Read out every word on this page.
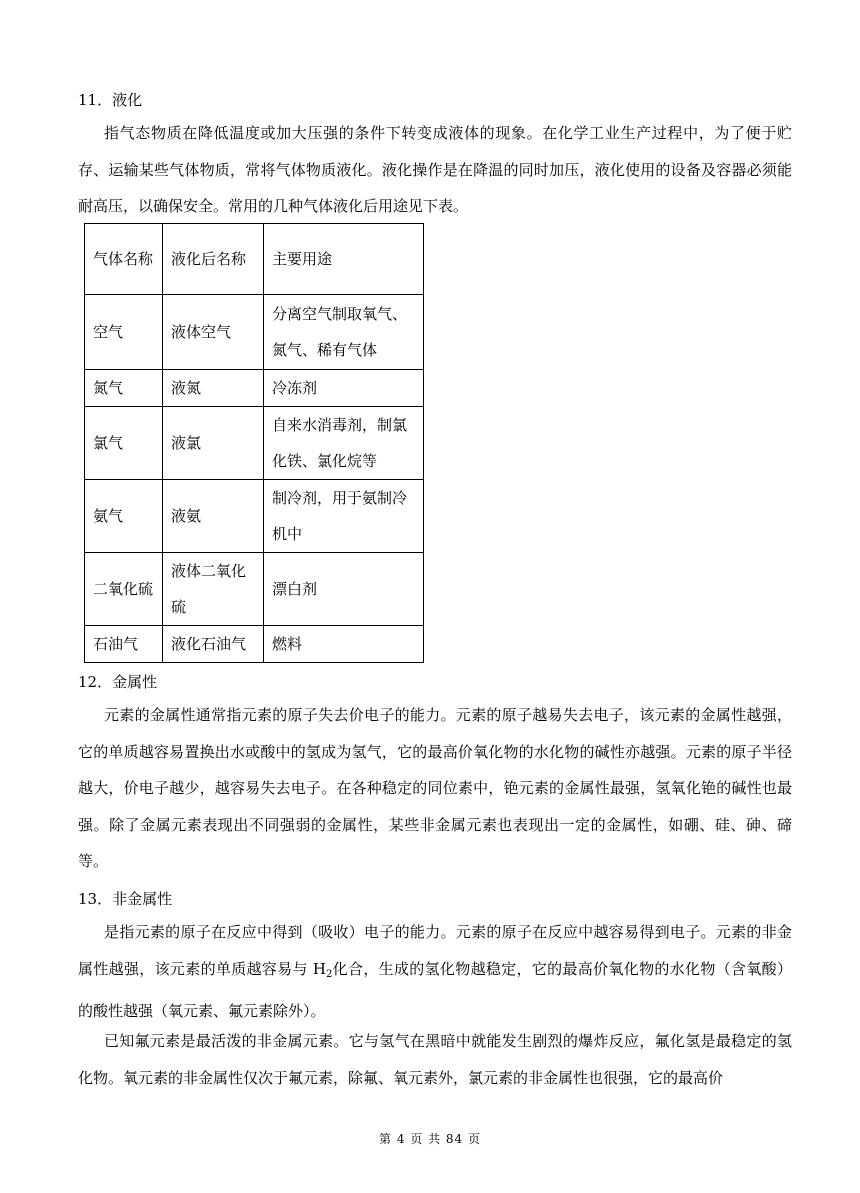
11．液化
指气态物质在降低温度或加大压强的条件下转变成液体的现象。在化学工业生产过程中，为了便于贮存、运输某些气体物质，常将气体物质液化。液化操作是在降温的同时加压，液化使用的设备及容器必须能耐高压，以确保安全。常用的几种气体液化后用途见下表。
气体名称	液化后名称	主要用途
空气	液体空气	分离空气制取氧气、氮气、稀有气体
氮气	液氮	冷冻剂
氯气	液氯	自来水消毒剂，制氯化铁、氯化烷等
氨气	液氨	制冷剂，用于氨制冷机中
二氧化硫	液体二氧化硫	漂白剂
石油气	液化石油气	燃料
12．金属性
元素的金属性通常指元素的原子失去价电子的能力。元素的原子越易失去电子，该元素的金属性越强，它的单质越容易置换出水或酸中的氢成为氢气，它的最高价氧化物的水化物的碱性亦越强。元素的原子半径越大，价电子越少，越容易失去电子。在各种稳定的同位素中，铯元素的金属性最强，氢氧化铯的碱性也最强。除了金属元素表现出不同强弱的金属性，某些非金属元素也表现出一定的金属性，如硼、硅、砷、碲等。
13．非金属性
是指元素的原子在反应中得到（吸收）电子的能力。元素的原子在反应中越容易得到电子。元素的非金属性越强，该元素的单质越容易与 $H_2$化合，生成的氢化物越稳定，它的最高价氧化物的水化物（含氧酸）的酸性越强（氧元素、氟元素除外）。
已知氟元素是最活泼的非金属元素。它与氢气在黑暗中就能发生剧烈的爆炸反应，氟化氢是最稳定的氢化物。氧元素的非金属性仅次于氟元素，除氟、氧元素外，氯元素的非金属性也很强，它的最高价
第 4 页 共 84 页
